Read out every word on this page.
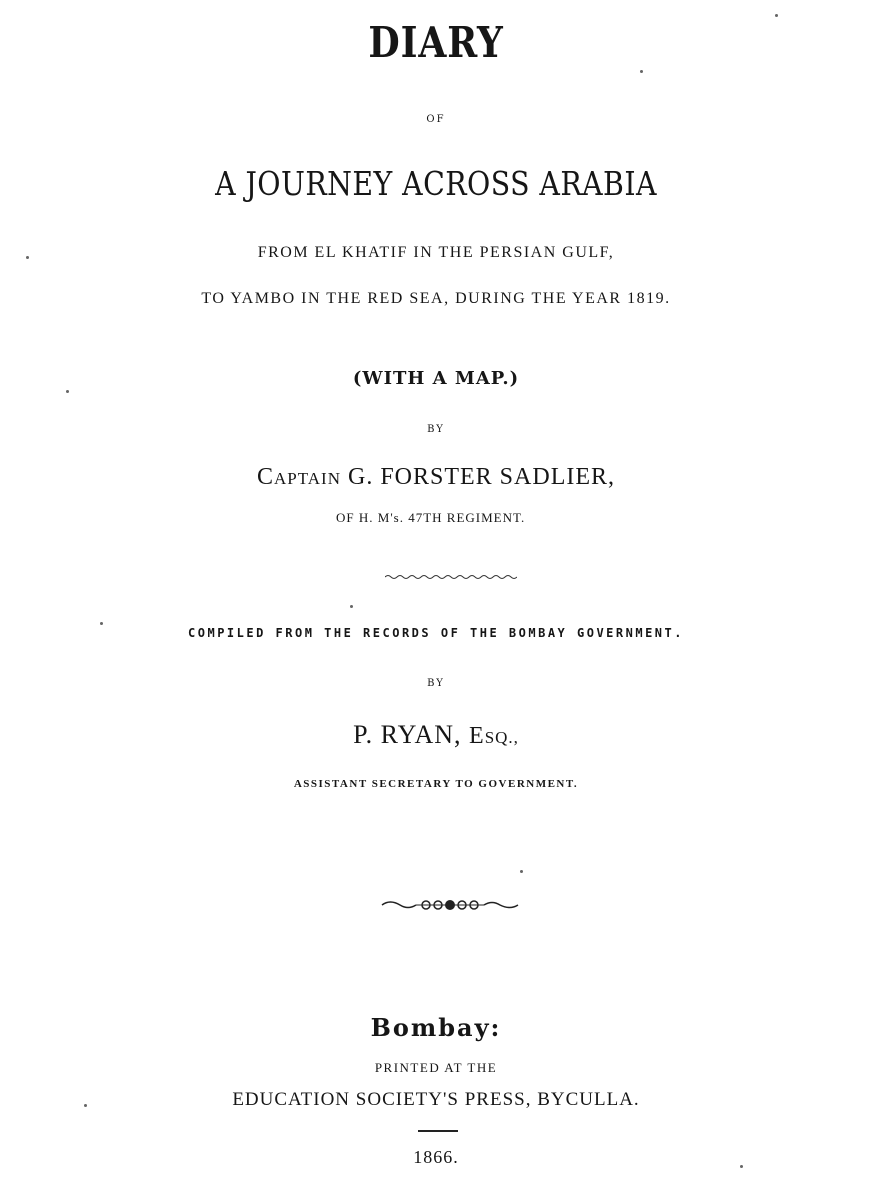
DIARY
OF
A JOURNEY ACROSS ARABIA
FROM EL KHATIF IN THE PERSIAN GULF,
TO YAMBO IN THE RED SEA, DURING THE YEAR 1819.
(WITH A MAP.)
BY
CAPTAIN G. FORSTER SADLIER,
OF H. M's. 47TH REGIMENT.
COMPILED FROM THE RECORDS OF THE BOMBAY GOVERNMENT.
BY
P. RYAN, ESQ.,
ASSISTANT SECRETARY TO GOVERNMENT.
Bombay:
PRINTED AT THE
EDUCATION SOCIETY'S PRESS, BYCULLA.
1866.
